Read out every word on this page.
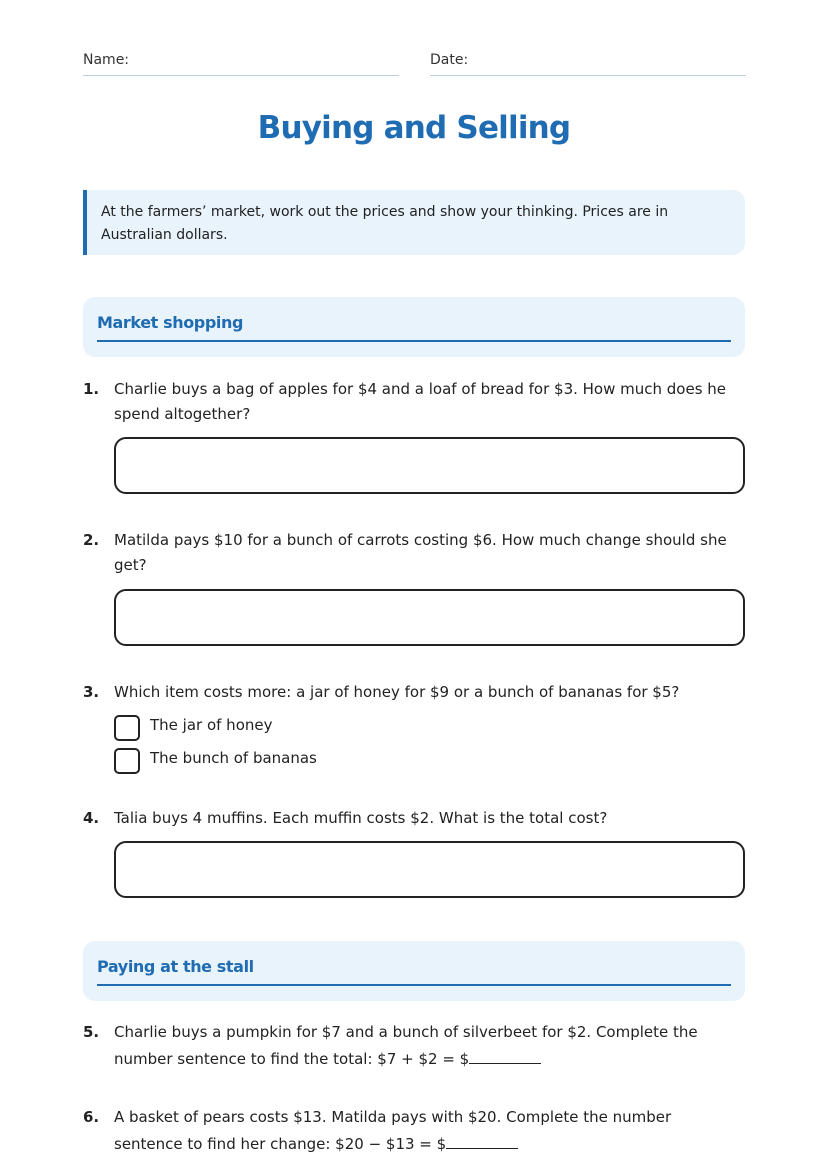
Name:	Date:
Buying and Selling
At the farmers’ market, work out the prices and show your thinking. Prices are in
Australian dollars.
Market shopping
1. Charlie buys a bag of apples for $4 and a loaf of bread for $3. How much does he
spend altogether?
2. Matilda pays $10 for a bunch of carrots costing $6. How much change should she
get?
3. Which item costs more: a jar of honey for $9 or a bunch of bananas for $5?
The jar of honey
The bunch of bananas
4. Talia buys 4 muffins. Each muffin costs $2. What is the total cost?
Paying at the stall
5. Charlie buys a pumpkin for $7 and a bunch of silverbeet for $2. Complete the
number sentence to find the total: $7 + $2 = $
6. A basket of pears costs $13. Matilda pays with $20. Complete the number
sentence to find her change: $20 − $13 = $
